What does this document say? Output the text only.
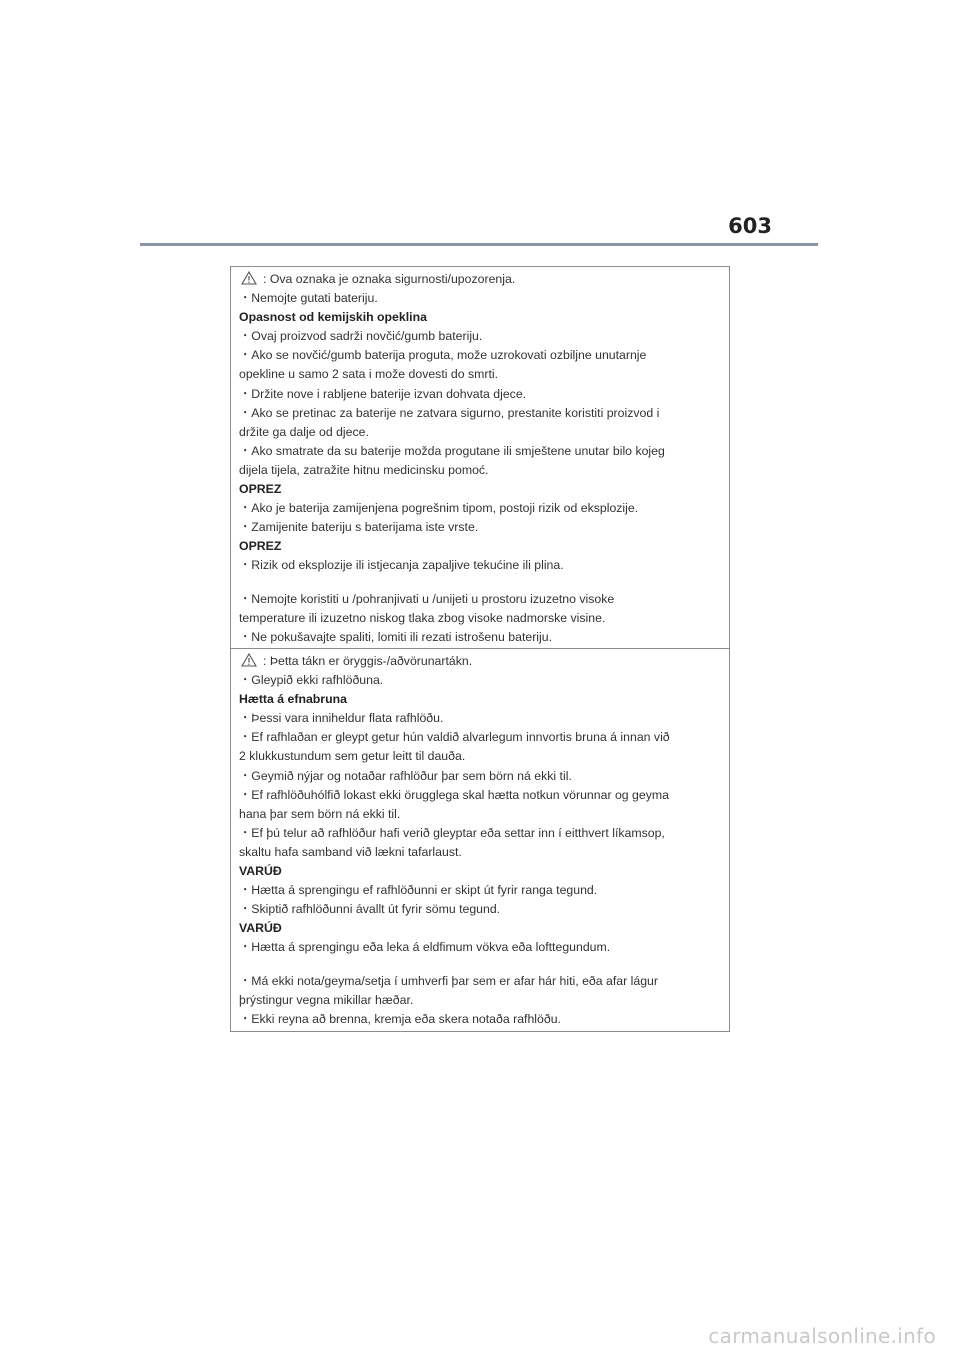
603
: Ova oznaka je oznaka sigurnosti/upozorenja.
・Nemojte gutati bateriju.
Opasnost od kemijskih opeklina
・Ovaj proizvod sadrži novčić/gumb bateriju.
・Ako se novčić/gumb baterija proguta, može uzrokovati ozbiljne unutarnje
opekline u samo 2 sata i može dovesti do smrti.
・Držite nove i rabljene baterije izvan dohvata djece.
・Ako se pretinac za baterije ne zatvara sigurno, prestanite koristiti proizvod i
držite ga dalje od djece.
・Ako smatrate da su baterije možda progutane ili smještene unutar bilo kojeg
dijela tijela, zatražite hitnu medicinsku pomoć.
OPREZ
・Ako je baterija zamijenjena pogrešnim tipom, postoji rizik od eksplozije.
・Zamijenite bateriju s baterijama iste vrste.
OPREZ
・Rizik od eksplozije ili istjecanja zapaljive tekućine ili plina.
・Nemojte koristiti u /pohranjivati u /unijeti u prostoru izuzetno visoke
temperature ili izuzetno niskog tlaka zbog visoke nadmorske visine.
・Ne pokušavajte spaliti, lomiti ili rezati istrošenu bateriju.
: Þetta tákn er öryggis-/aðvörunartákn.
・Gleypið ekki rafhlöðuna.
Hætta á efnabruna
・Þessi vara inniheldur flata rafhlöðu.
・Ef rafhlaðan er gleypt getur hún valdið alvarlegum innvortis bruna á innan við
2 klukkustundum sem getur leitt til dauða.
・Geymið nýjar og notaðar rafhlöður þar sem börn ná ekki til.
・Ef rafhlöðuhólfið lokast ekki örugglega skal hætta notkun vörunnar og geyma
hana þar sem börn ná ekki til.
・Ef þú telur að rafhlöður hafi verið gleyptar eða settar inn í eitthvert líkamsop,
skaltu hafa samband við lækni tafarlaust.
VARÚÐ
・Hætta á sprengingu ef rafhlöðunni er skipt út fyrir ranga tegund.
・Skiptið rafhlöðunni ávallt út fyrir sömu tegund.
VARÚÐ
・Hætta á sprengingu eða leka á eldfimum vökva eða lofttegundum.
・Má ekki nota/geyma/setja í umhverfi þar sem er afar hár hiti, eða afar lágur
þrýstingur vegna mikillar hæðar.
・Ekki reyna að brenna, kremja eða skera notaða rafhlöðu.
carmanualsonline.info
